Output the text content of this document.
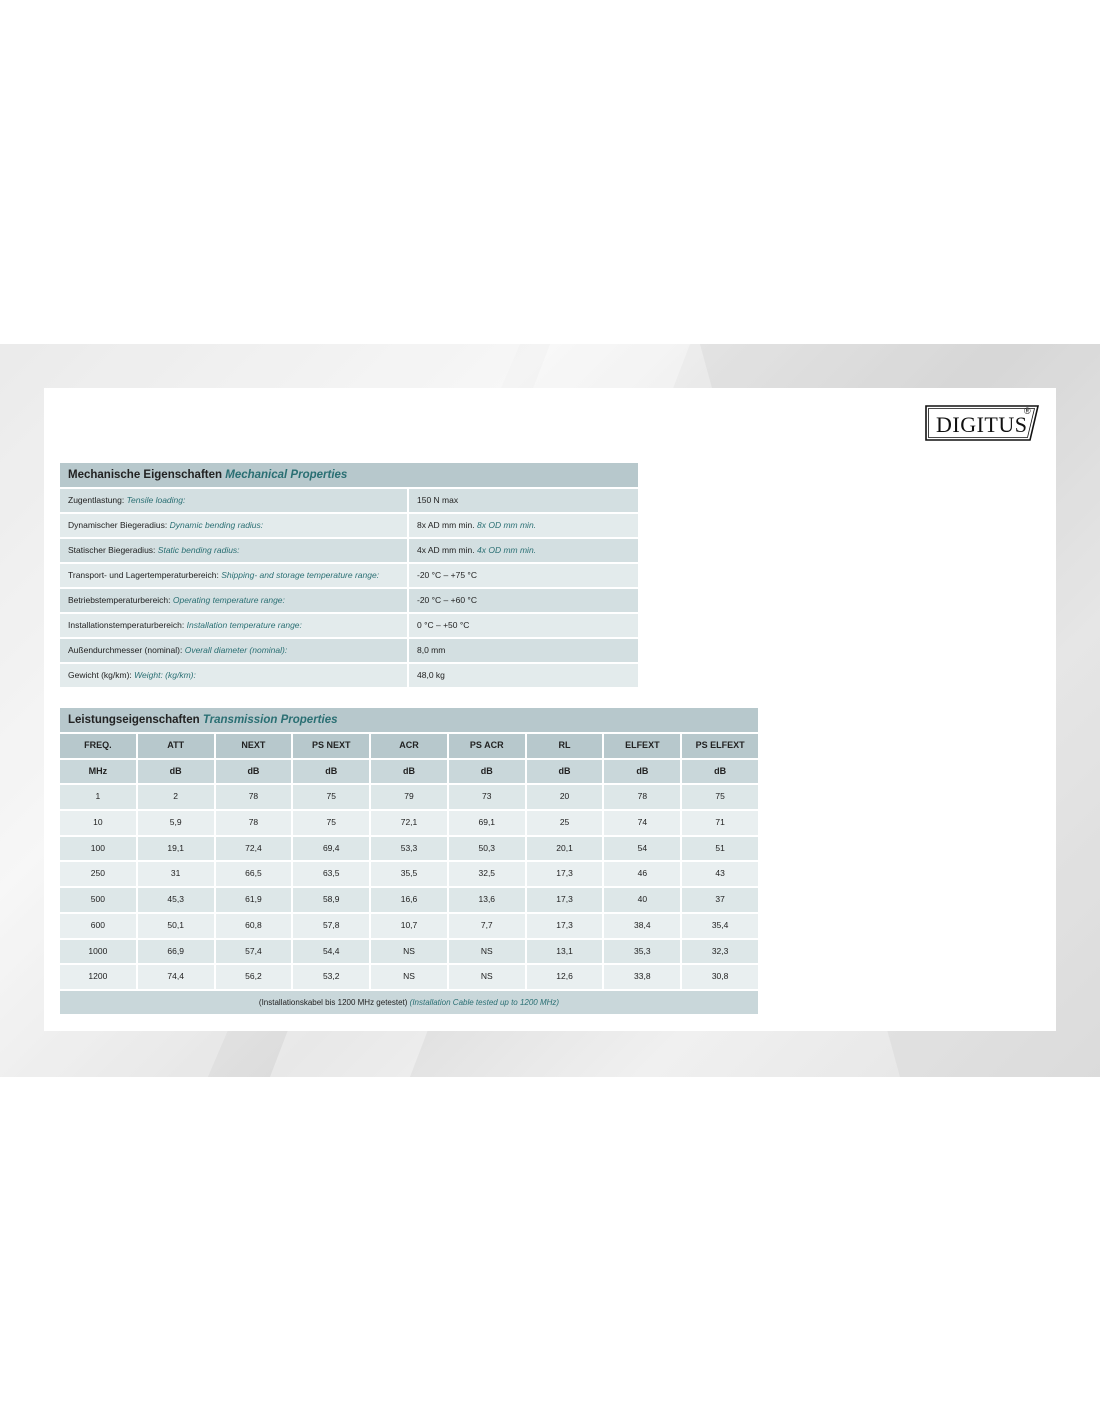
DIGITUS
®
Mechanische Eigenschaften Mechanical Properties
Zugentlastung: Tensile loading:	150 N max
Dynamischer Biegeradius: Dynamic bending radius:	8x AD mm min. 8x OD mm min.
Statischer Biegeradius: Static bending radius:	4x AD mm min. 4x OD mm min.
Transport- und Lagertemperaturbereich: Shipping- and storage temperature range:	-20 °C – +75 °C
Betriebstemperaturbereich: Operating temperature range:	-20 °C – +60 °C
Installationstemperaturbereich: Installation temperature range:	0 °C – +50 °C
Außendurchmesser (nominal): Overall diameter (nominal):	8,0 mm
Gewicht (kg/km): Weight: (kg/km):	48,0 kg
Leistungseigenschaften Transmission Properties
FREQ.	ATT	NEXT	PS NEXT	ACR	PS ACR	RL	ELFEXT	PS ELFEXT
MHz	dB	dB	dB	dB	dB	dB	dB	dB
1	2	78	75	79	73	20	78	75
10	5,9	78	75	72,1	69,1	25	74	71
100	19,1	72,4	69,4	53,3	50,3	20,1	54	51
250	31	66,5	63,5	35,5	32,5	17,3	46	43
500	45,3	61,9	58,9	16,6	13,6	17,3	40	37
600	50,1	60,8	57,8	10,7	7,7	17,3	38,4	35,4
1000	66,9	57,4	54,4	NS	NS	13,1	35,3	32,3
1200	74,4	56,2	53,2	NS	NS	12,6	33,8	30,8
(Installationskabel bis 1200 MHz getestet) (Installation Cable tested up to 1200 MHz)
